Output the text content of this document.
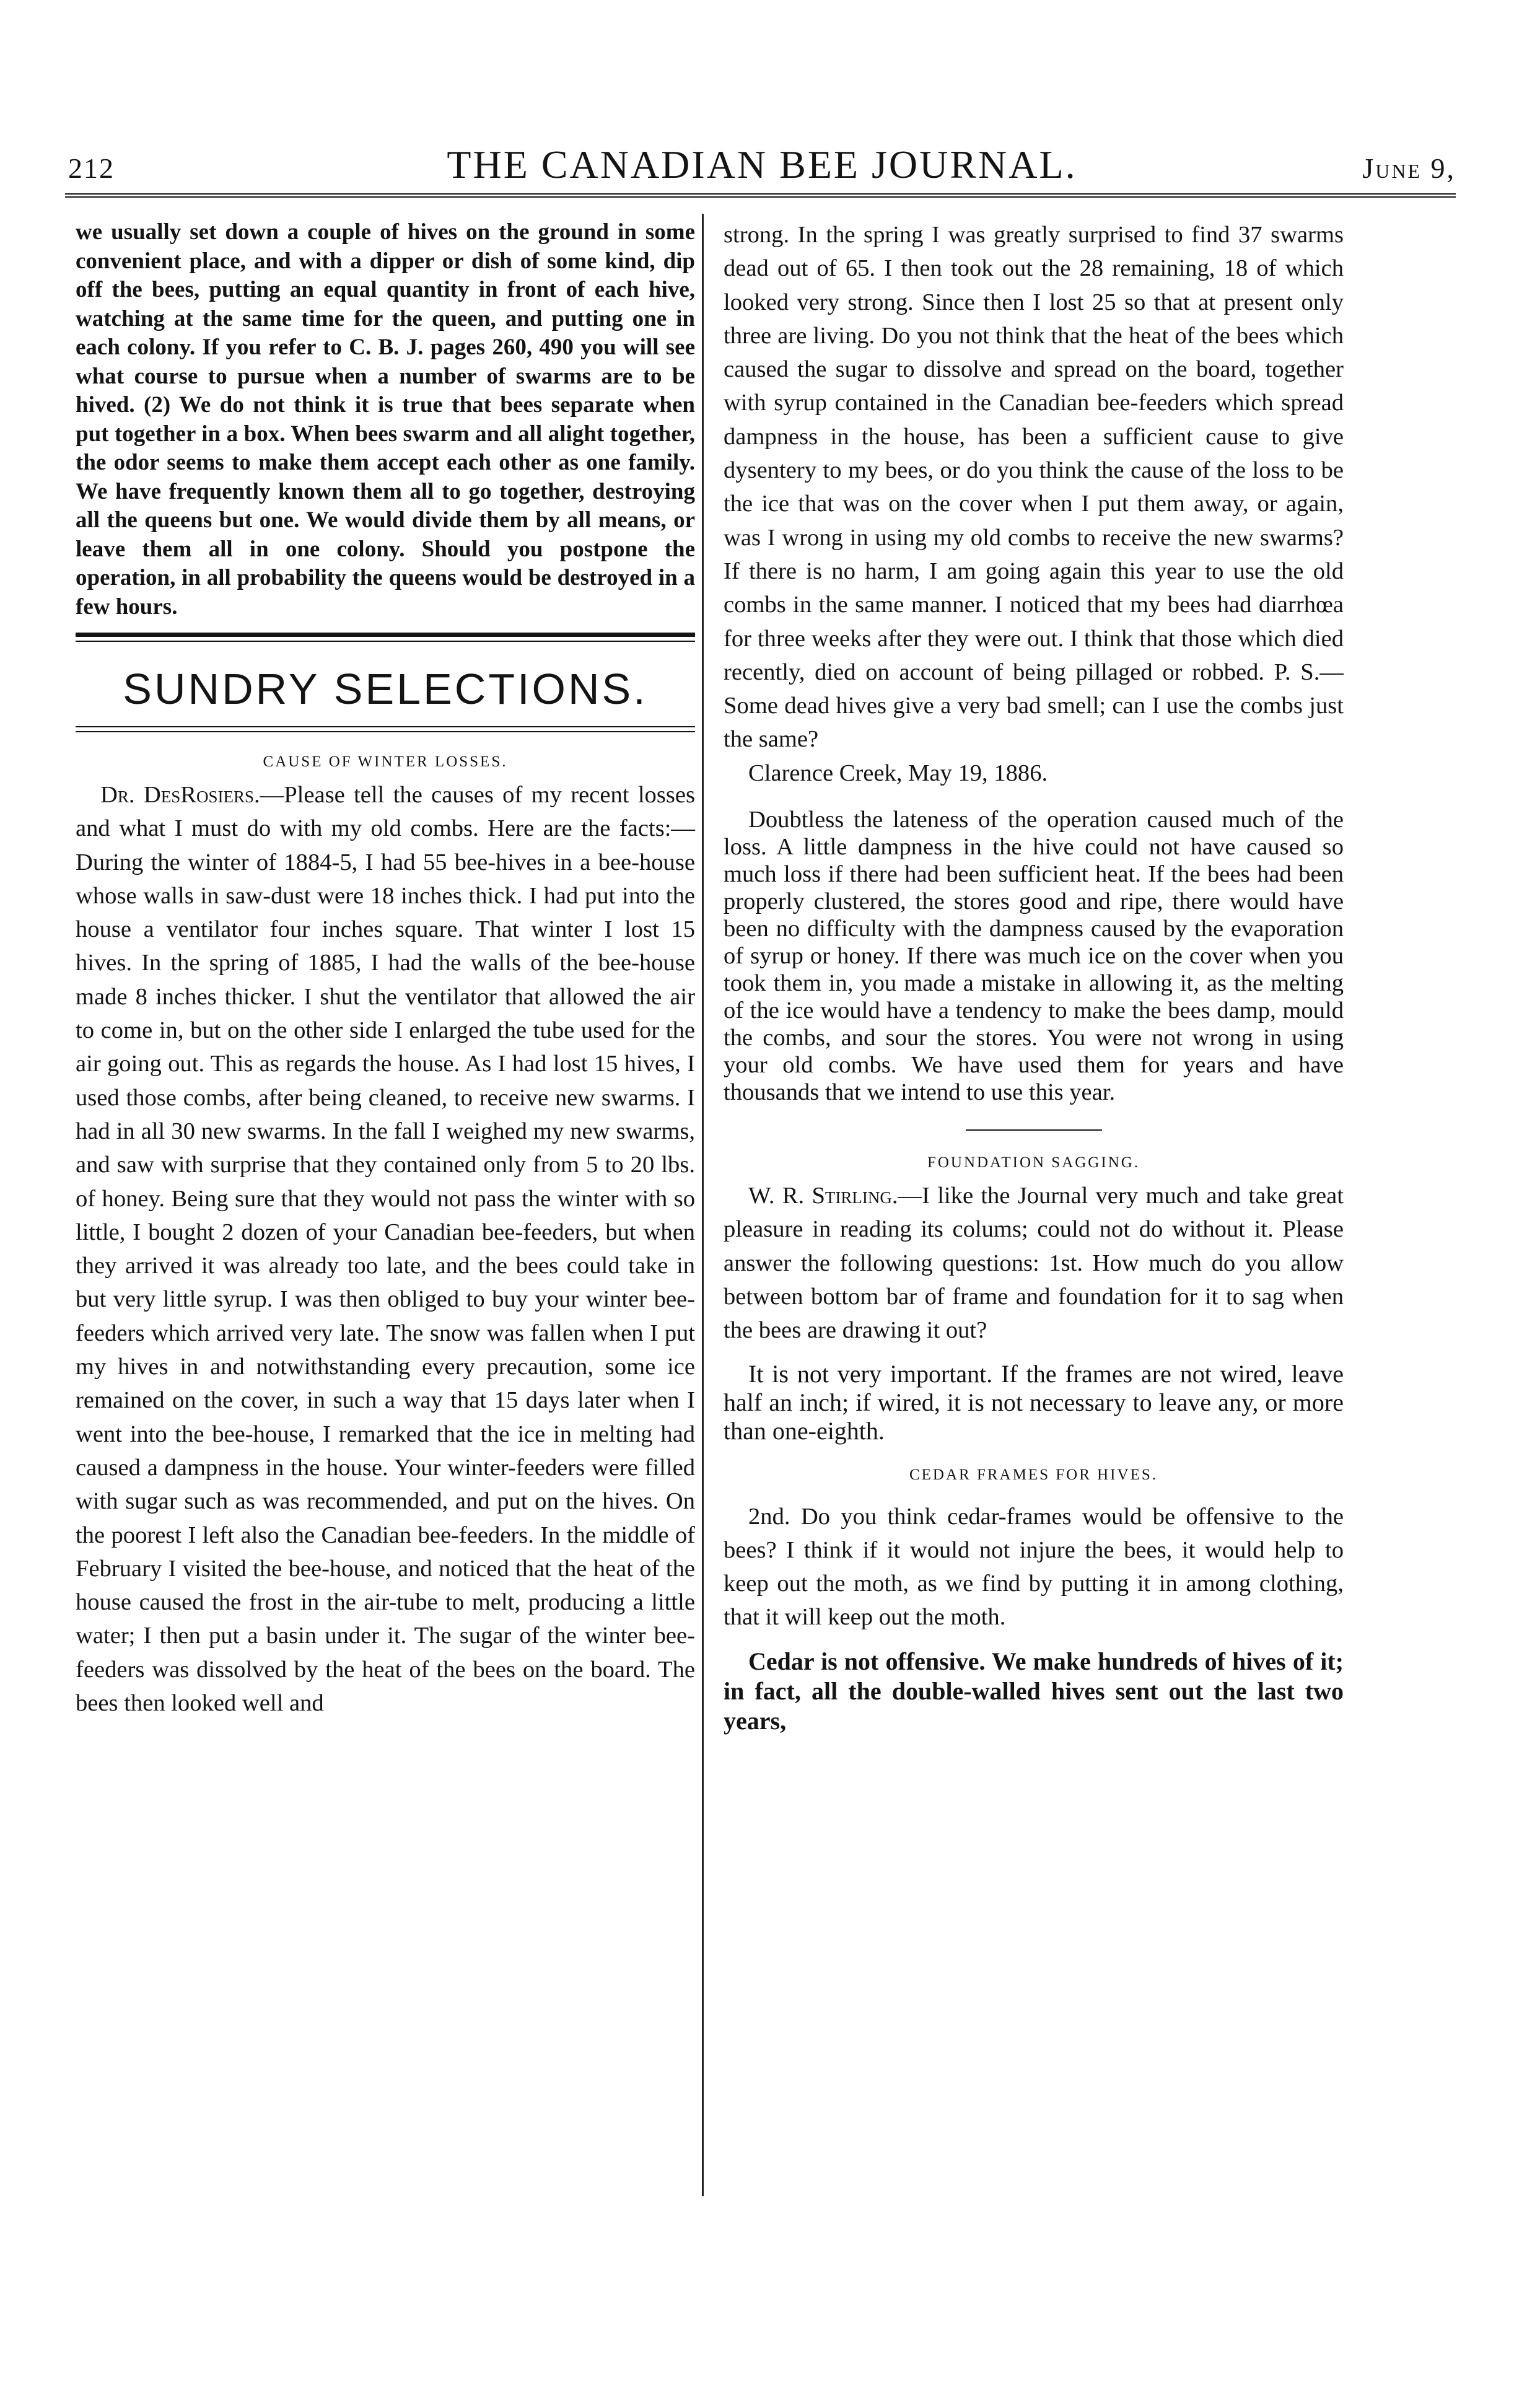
212	THE CANADIAN BEE JOURNAL.	June 9,

we usually set down a couple of hives on the ground in some convenient place, and with a dipper or dish of some kind, dip off the bees, putting an equal quantity in front of each hive, watching at the same time for the queen, and putting one in each colony. If you refer to C. B. J. pages 260, 490 you will see what course to pursue when a number of swarms are to be hived. (2) We do not think it is true that bees separate when put together in a box. When bees swarm and all alight together, the odor seems to make them accept each other as one family. We have frequently known them all to go together, destroying all the queens but one. We would divide them by all means, or leave them all in one colony. Should you postpone the operation, in all probability the queens would be destroyed in a few hours.

SUNDRY SELECTIONS.
CAUSE OF WINTER LOSSES.

Dr. DesRosiers.—Please tell the causes of my recent losses and what I must do with my old combs. Here are the facts:—During the winter of 1884-5, I had 55 bee-hives in a bee-house whose walls in saw-dust were 18 inches thick. I had put into the house a ventilator four inches square. That winter I lost 15 hives. In the spring of 1885, I had the walls of the bee-house made 8 inches thicker. I shut the ventilator that allowed the air to come in, but on the other side I enlarged the tube used for the air going out. This as regards the house. As I had lost 15 hives, I used those combs, after being cleaned, to receive new swarms. I had in all 30 new swarms. In the fall I weighed my new swarms, and saw with surprise that they contained only from 5 to 20 lbs. of honey. Being sure that they would not pass the winter with so little, I bought 2 dozen of your Canadian bee-feeders, but when they arrived it was already too late, and the bees could take in but very little syrup. I was then obliged to buy your winter bee-feeders which arrived very late. The snow was fallen when I put my hives in and notwithstanding every precaution, some ice remained on the cover, in such a way that 15 days later when I went into the bee-house, I remarked that the ice in melting had caused a dampness in the house. Your winter-feeders were filled with sugar such as was recommended, and put on the hives. On the poorest I left also the Canadian bee-feeders. In the middle of February I visited the bee-house, and noticed that the heat of the house caused the frost in the air-tube to melt, producing a little water; I then put a basin under it. The sugar of the winter bee-feeders was dissolved by the heat of the bees on the board. The bees then looked well and

strong. In the spring I was greatly surprised to find 37 swarms dead out of 65. I then took out the 28 remaining, 18 of which looked very strong. Since then I lost 25 so that at present only three are living. Do you not think that the heat of the bees which caused the sugar to dissolve and spread on the board, together with syrup contained in the Canadian bee-feeders which spread dampness in the house, has been a sufficient cause to give dysentery to my bees, or do you think the cause of the loss to be the ice that was on the cover when I put them away, or again, was I wrong in using my old combs to receive the new swarms? If there is no harm, I am going again this year to use the old combs in the same manner. I noticed that my bees had diarrhœa for three weeks after they were out. I think that those which died recently, died on account of being pillaged or robbed. P. S.—Some dead hives give a very bad smell; can I use the combs just the same?

Clarence Creek, May 19, 1886.

Doubtless the lateness of the operation caused much of the loss. A little dampness in the hive could not have caused so much loss if there had been sufficient heat. If the bees had been properly clustered, the stores good and ripe, there would have been no difficulty with the dampness caused by the evaporation of syrup or honey. If there was much ice on the cover when you took them in, you made a mistake in allowing it, as the melting of the ice would have a tendency to make the bees damp, mould the combs, and sour the stores. You were not wrong in using your old combs. We have used them for years and have thousands that we intend to use this year.

FOUNDATION SAGGING.

W. R. Stirling.—I like the Journal very much and take great pleasure in reading its colums; could not do without it. Please answer the following questions: 1st. How much do you allow between bottom bar of frame and foundation for it to sag when the bees are drawing it out?

It is not very important. If the frames are not wired, leave half an inch; if wired, it is not necessary to leave any, or more than one-eighth.

CEDAR FRAMES FOR HIVES.

2nd. Do you think cedar-frames would be offensive to the bees? I think if it would not injure the bees, it would help to keep out the moth, as we find by putting it in among clothing, that it will keep out the moth.

Cedar is not offensive. We make hundreds of hives of it; in fact, all the double-walled hives sent out the last two years,
